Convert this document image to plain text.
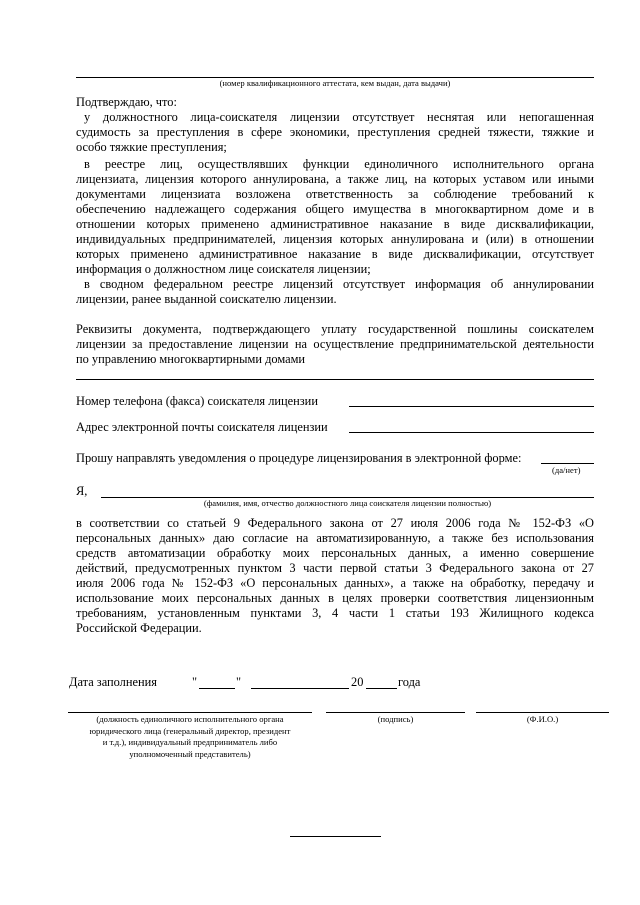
(номер квалификационного аттестата, кем выдан, дата выдачи)
Подтверждаю, что:
у должностного лица-соискателя лицензии отсутствует неснятая или непогашенная
судимость за преступления в сфере экономики, преступления средней тяжести, тяжкие и
особо тяжкие преступления;
в реестре лиц, осуществлявших функции единоличного исполнительного органа
лицензиата, лицензия которого аннулирована, а также лиц, на которых уставом или иными
документами лицензиата возложена ответственность за соблюдение требований к
обеспечению надлежащего содержания общего имущества в многоквартирном доме и в
отношении которых применено административное наказание в виде дисквалификации,
индивидуальных предпринимателей, лицензия которых аннулирована и (или) в отношении
которых применено административное наказание в виде дисквалификации, отсутствует
информация о должностном лице соискателя лицензии;
в сводном федеральном реестре лицензий отсутствует информация об аннулировании
лицензии, ранее выданной соискателю лицензии.
Реквизиты документа, подтверждающего уплату государственной пошлины соискателем
лицензии за предоставление лицензии на осуществление предпринимательской деятельности
по управлению многоквартирными домами
Номер телефона (факса) соискателя лицензии
Адрес электронной почты соискателя лицензии
Прошу направлять уведомления о процедуре лицензирования в электронной форме:
(да/нет)
Я,
(фамилия, имя, отчество должностного лица соискателя лицензии полностью)
в соответствии со статьей 9 Федерального закона от 27 июля 2006 года № 152-ФЗ «О
персональных данных» даю согласие на автоматизированную, а также без использования
средств автоматизации обработку моих персональных данных, а именно совершение
действий, предусмотренных пунктом 3 части первой статьи 3 Федерального закона от 27
июля 2006 года № 152-ФЗ «О персональных данных», а также на обработку, передачу и
использование моих персональных данных в целях проверки соответствия лицензионным
требованиям, установленным пунктами 3, 4 части 1 статьи 193 Жилищного кодекса
Российской Федерации.
Дата заполнения	"	"	20	года
(должность единоличного исполнительного органа
юридического лица (генеральный директор, президент
и т.д.), индивидуальный предприниматель либо
уполномоченный представитель)
(подпись)	(Ф.И.О.)
